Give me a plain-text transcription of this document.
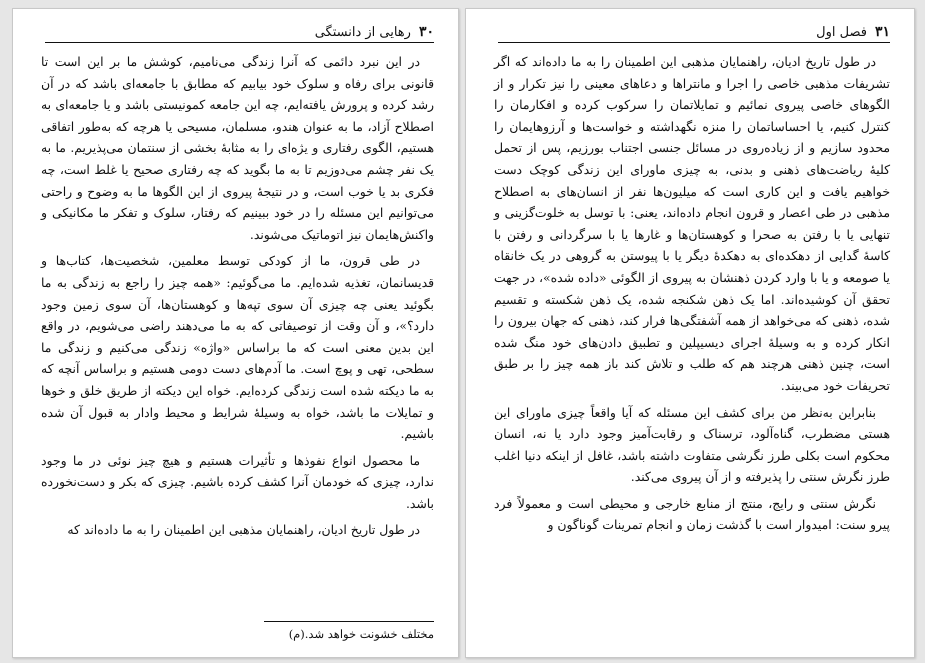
۳۰
رهایی از دانستگی

در این نبرد دائمی که آنرا زندگی می‌نامیم، کوشش ما بر این است تا قانونی برای رفاه و سلوک خود بیابیم که مطابق با جامعه‌ای باشد که در آن رشد کرده و پرورش یافته‌ایم، چه این جامعه کمونیستی باشد و یا جامعه‌ای به اصطلاح آزاد، ما به عنوان هندو، مسلمان، مسیحی یا هرچه که به‌طور اتفاقی هستیم، الگوی رفتاری و یژه‌ای را به مثابهٔ بخشی از سنتمان می‌پذیریم. ما به یک نفر چشم می‌دوزیم تا به ما بگوید که چه رفتاری صحیح یا غلط است، چه فکری بد یا خوب است، و در نتیجهٔ پیروی از این الگوها ما به وضوح و راحتی می‌توانیم این مسئله را در خود ببینیم که رفتار، سلوک و تفکر ما مکانیکی و واکنش‌هایمان نیز اتوماتیک می‌شوند.

در طی قرون، ما از کودکی توسط معلمین، شخصیت‌ها، کتاب‌ها و قدیسانمان، تغذیه شده‌ایم. ما می‌گوئیم: «همه چیز را راجع به زندگی به ما بگوئید یعنی چه چیزی آن سوی تپه‌ها و کوهستان‌ها، آن سوی زمین وجود دارد؟»، و آن وقت از توصیفاتی که به ما می‌دهند راضی می‌شویم، در واقع این بدین معنی است که ما براساس «واژه» زندگی می‌کنیم و زندگی ما سطحی، تهی و پوچ است. ما آدم‌های دست دومی هستیم و براساس آنچه که به ما دیکته شده است زندگی کرده‌ایم. خواه این دیکته از طریق خلق و خوها و تمایلات ما باشد، خواه به وسیلهٔ شرایط و محیط وادار به قبول آن شده باشیم.

ما محصول انواع نفوذها و تأثیرات هستیم و هیچ چیز نوئی در ما وجود ندارد، چیزی که خودمان آنرا کشف کرده باشیم. چیزی که بکر و دست‌نخورده باشد.

در طول تاریخ ادیان، راهنمایان مذهبی این اطمینان را به ما داده‌اند که

مختلف خشونت خواهد شد.(م)
۳۱
فصل اول

در طول تاریخ ادیان، راهنمایان مذهبی این اطمینان را به ما داده‌اند که اگر تشریفات مذهبی خاصی را اجرا و مانتراها و دعاهای معینی را نیز تکرار و از الگوهای خاصی پیروی نمائیم و تمایلاتمان را سرکوب کرده و افکارمان را کنترل کنیم، یا احساساتمان را منزه نگهداشته و خواست‌ها و آرزوهایمان را محدود سازیم و از زیاده‌روی در مسائل جنسی اجتناب بورزیم، پس از تحمل کلیهٔ ریاضت‌های ذهنی و بدنی، به چیزی ماورای این زندگی کوچک دست خواهیم یافت و این کاری است که میلیون‌ها نفر از انسان‌های به اصطلاح مذهبی در طی اعصار و قرون انجام داده‌اند، یعنی: با توسل به خلوت‌گزینی و تنهایی یا با رفتن به صحرا و کوهستان‌ها و غارها یا با سرگردانی و رفتن با کاسهٔ گدایی از دهکده‌ای به دهکدهٔ دیگر یا با پیوستن به گروهی در یک خانقاه یا صومعه و یا با وارد کردن ذهنشان به پیروی از الگوئی «داده شده»، در جهت تحقق آن کوشیده‌اند. اما یک ذهن شکنجه شده، یک ذهن شکسته و تقسیم شده، ذهنی که می‌خواهد از همه آشفتگی‌ها فرار کند، ذهنی که جهان بیرون را انکار کرده و به وسیلهٔ اجرای دیسیپلین و تطبیق دادن‌های خود منگ شده است، چنین ذهنی هرچند هم که طلب و تلاش کند باز همه چیز را بر طبق تحریفات خود می‌بیند.

بنابراین به‌نظر من برای کشف این مسئله که آیا واقعاً چیزی ماورای این هستی مضطرب، گناه‌آلود، ترسناک و رقابت‌آمیز وجود دارد یا نه، انسان محکوم است بکلی طرز نگرشی متفاوت داشته باشد، غافل از اینکه دنیا اغلب طرز نگرش سنتی را پذیرفته و از آن پیروی می‌کند.

نگرش سنتی و رایج، منتج از منابع خارجی و محیطی است و معمولاً فرد پیرو سنت: امیدوار است با گذشت زمان و انجام تمرینات گوناگون و
